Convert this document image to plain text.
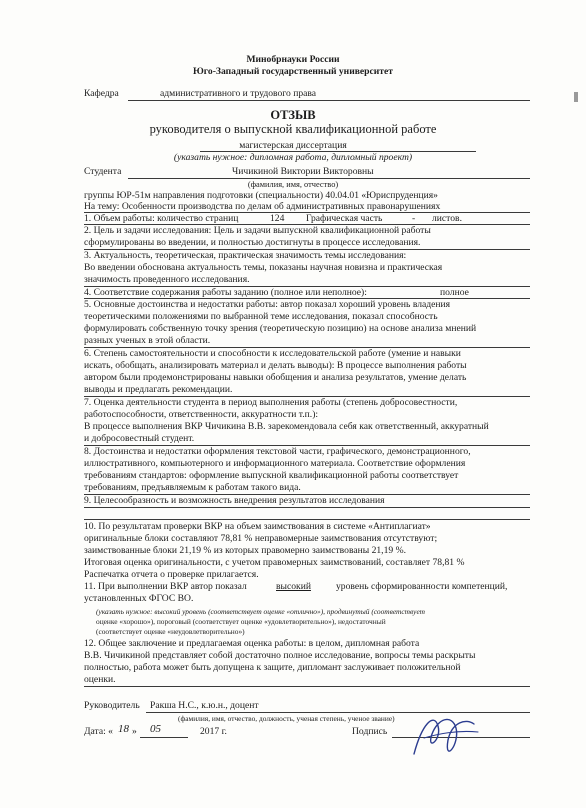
Минобрнауки России
Юго-Западный государственный университет
Кафедра	административного и трудового права
ОТЗЫВ
руководителя о выпускной квалификационной работе
магистерская диссертация
(указать нужное: дипломная работа, дипломный проект)
Студента	Чичикиной Виктории Викторовны
(фамилия, имя, отчество)
группы ЮР-51м направления подготовки (специальности) 40.04.01 «Юриспруденция»
На тему: Особенности производства по делам об административных правонарушениях
1. Объем работы: количество страниц	124 Графическая часть	- листов.
2. Цель и задачи исследования: Цель и задачи выпускной квалификационной работы
сформулированы во введении, и полностью достигнуты в процессе исследования.
3. Актуальность, теоретическая, практическая значимость темы исследования:
Во введении обоснована актуальность темы, показаны научная новизна и практическая
значимость проведенного исследования.
4. Соответствие содержания работы заданию (полное или неполное):	полное
5. Основные достоинства и недостатки работы: автор показал хороший уровень владения
теоретическими положениями по выбранной теме исследования, показал способность
формулировать собственную точку зрения (теоретическую позицию) на основе анализа мнений
разных ученых в этой области.
6. Степень самостоятельности и способности к исследовательской работе (умение и навыки
искать, обобщать, анализировать материал и делать выводы): В процессе выполнения работы
автором были продемонстрированы навыки обобщения и анализа результатов, умение делать
выводы и предлагать рекомендации.
7. Оценка деятельности студента в период выполнения работы (степень добросовестности,
работоспособности, ответственности, аккуратности т.п.):
В процессе выполнения ВКР Чичикина В.В. зарекомендовала себя как ответственный, аккуратный
и добросовестный студент.
8. Достоинства и недостатки оформления текстовой части, графического, демонстрационного,
иллюстративного, компьютерного и информационного материала. Соответствие оформления
требованиям стандартов: оформление выпускной квалификационной работы соответствует
требованиям, предъявляемым к работам такого вида.
9. Целесообразность и возможность внедрения результатов исследования
10. По результатам проверки ВКР на объем заимствования в системе «Антиплагиат»
оригинальные блоки составляют 78,81 % неправомерные заимствования отсутствуют;
заимствованные блоки 21,19 % из которых правомерно заимствованы 21,19 %.
Итоговая оценка оригинальности, с учетом правомерных заимствований, составляет 78,81 %
Распечатка отчета о проверке прилагается.
11. При выполнении ВКР автор показал	высокий	уровень сформированности компетенций,
установленных ФГОС ВО.
(указать нужное: высокий уровень (соответствует оценке «отлично»), продвинутый (соответствует
оценке «хорошо»), пороговый (соответствует оценке «удовлетворительно»), недостаточный
(соответствует оценке «неудовлетворительно»)
12. Общее заключение и предлагаемая оценка работы: в целом, дипломная работа
В.В. Чичикиной представляет собой достаточно полное исследование, вопросы темы раскрыты
полностью, работа может быть допущена к защите, дипломант заслуживает положительной
оценки.
Руководитель Ракша Н.С., к.ю.н., доцент
(фамилия, имя, отчество, должность, ученая степень, ученое звание)
Дата: « 18 » 05	2017 г.	Подпись
